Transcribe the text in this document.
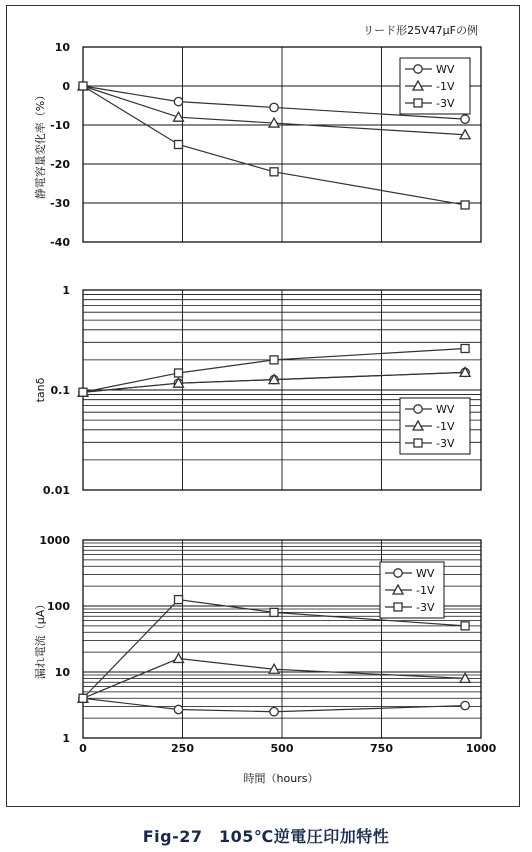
リード形25V47μFの例
時間（hours）
10
0
-10
-20
-30
-40
静電容量変化率（%）
WV
-1V
-3V
1
0.1
0.01
tanδ
WV
-1V
-3V
1000
100
10
1
0	250	500	750	1000
漏れ電流（μA）
WV
-1V
-3V
Fig-27　105℃逆電圧印加特性
